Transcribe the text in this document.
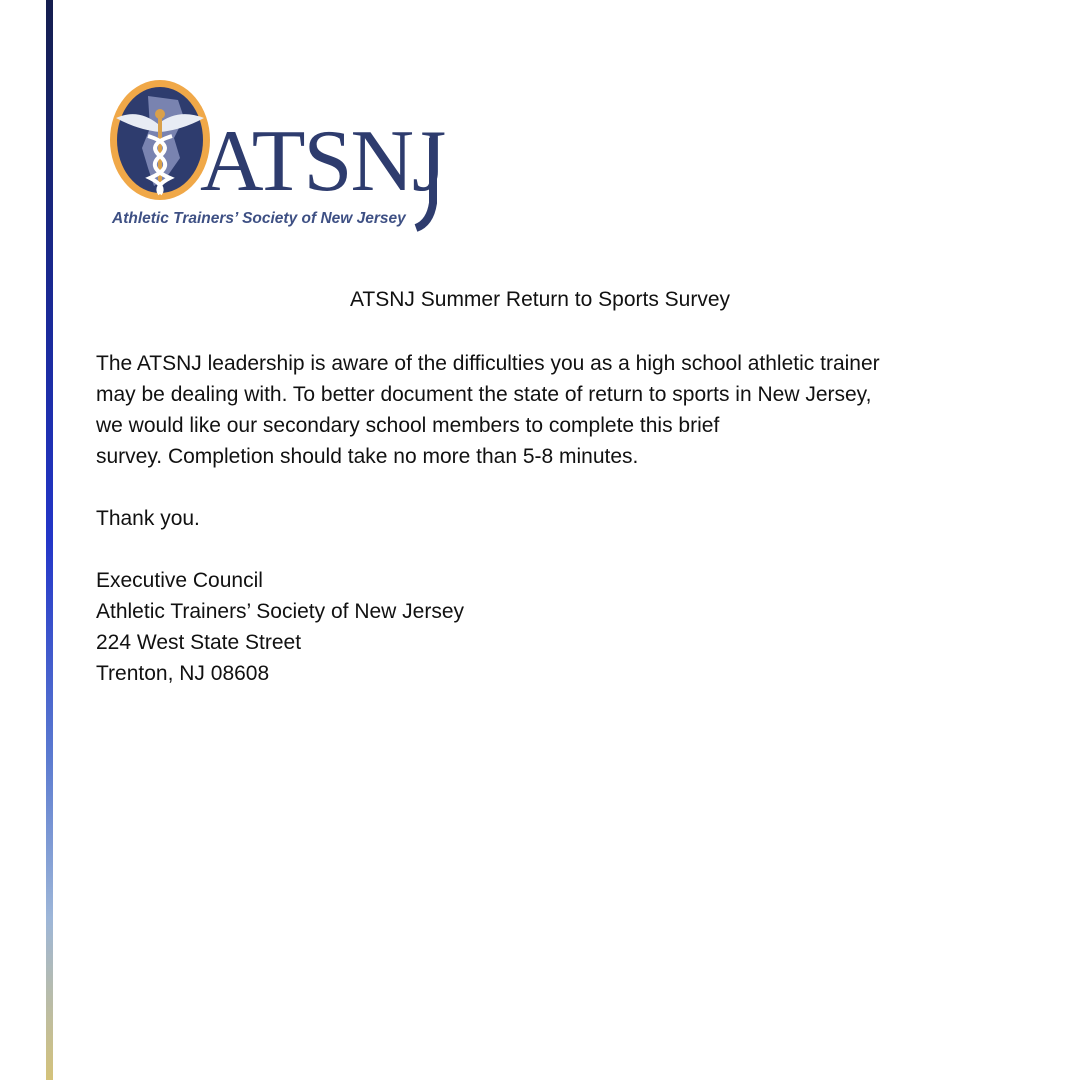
ATSNJ
Athletic Trainers’ Society of New Jersey
ATSNJ Summer Return to Sports Survey

The ATSNJ leadership is aware of the difficulties you as a high school athletic trainer
may be dealing with. To better document the state of return to sports in New Jersey,
we would like our secondary school members to complete this brief
survey. Completion should take no more than 5-8 minutes.

Thank you.

Executive Council
Athletic Trainers’ Society of New Jersey
224 West State Street
Trenton, NJ 08608
